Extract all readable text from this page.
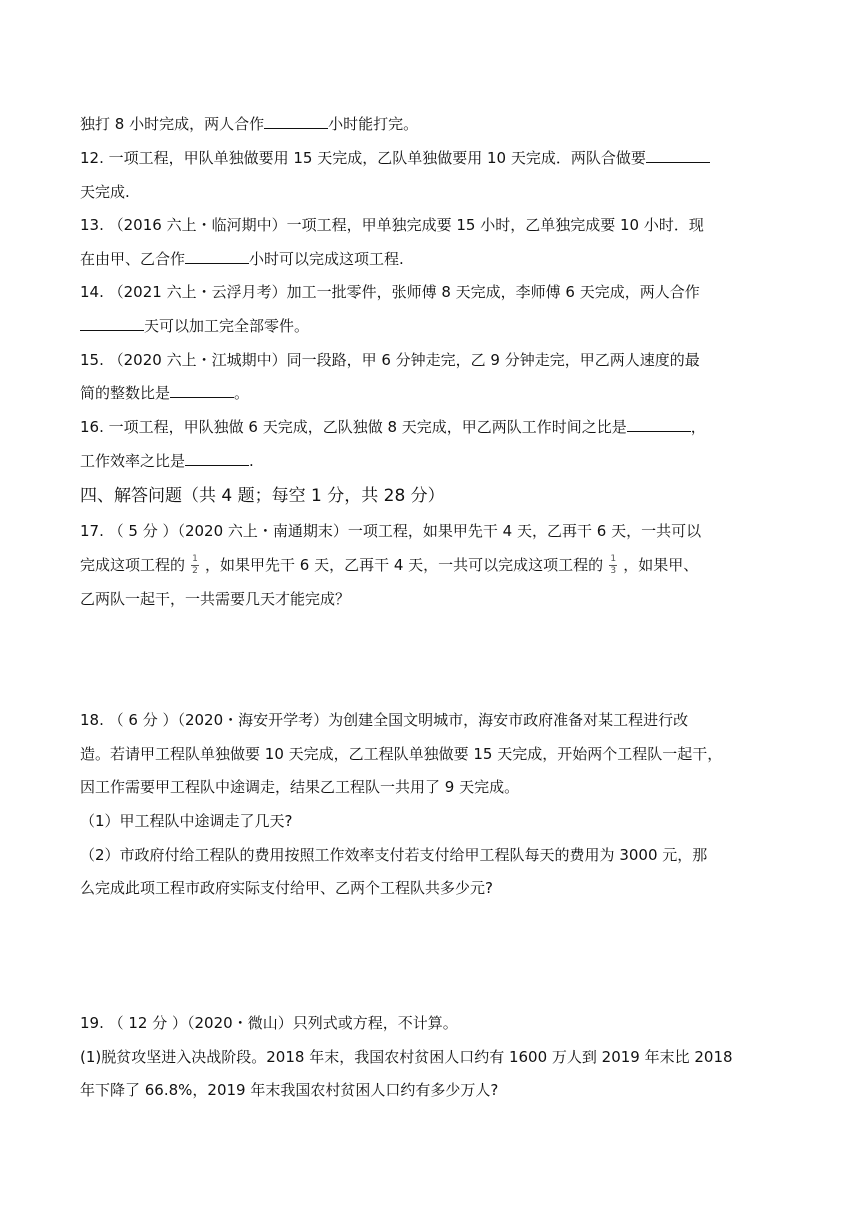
独打 8 小时完成，两人合作	小时能打完。
12. 一项工程，甲队单独做要用 15 天完成，乙队单独做要用 10 天完成．两队合做要
天完成.
13. （2016 六上・临河期中）一项工程，甲单独完成要 15 小时，乙单独完成要 10 小时．现
在由甲、乙合作	小时可以完成这项工程.
14. （2021 六上・云浮月考）加工一批零件，张师傅 8 天完成，李师傅 6 天完成，两人合作
天可以加工完全部零件。
15. （2020 六上・江城期中）同一段路，甲 6 分钟走完，乙 9 分钟走完，甲乙两人速度的最
简的整数比是	。
16. 一项工程，甲队独做 6 天完成，乙队独做 8 天完成，甲乙两队工作时间之比是	，
工作效率之比是	.
四、解答问题（共 4 题；每空 1 分，共 28 分）
17. （ 5 分 ）（2020 六上・南通期末）一项工程，如果甲先干 4 天，乙再干 6 天，一共可以
完成这项工程的 $\frac{1}{2}$ ，如果甲先干 6 天，乙再干 4 天，一共可以完成这项工程的 $\frac{1}{3}$ ，如果甲、
乙两队一起干，一共需要几天才能完成？
18. （ 6 分 ）（2020・海安开学考）为创建全国文明城市，海安市政府准备对某工程进行改
造。若请甲工程队单独做要 10 天完成，乙工程队单独做要 15 天完成，开始两个工程队一起干，
因工作需要甲工程队中途调走，结果乙工程队一共用了 9 天完成。
（1）甲工程队中途调走了几天?
（2）市政府付给工程队的费用按照工作效率支付若支付给甲工程队每天的费用为 3000 元，那
么完成此项工程市政府实际支付给甲、乙两个工程队共多少元?
19. （ 12 分 ）（2020・微山）只列式或方程，不计算。
(1)脱贫攻坚进入决战阶段。2018 年末，我国农村贫困人口约有 1600 万人到 2019 年末比 2018
年下降了 66.8%，2019 年末我国农村贫困人口约有多少万人?
